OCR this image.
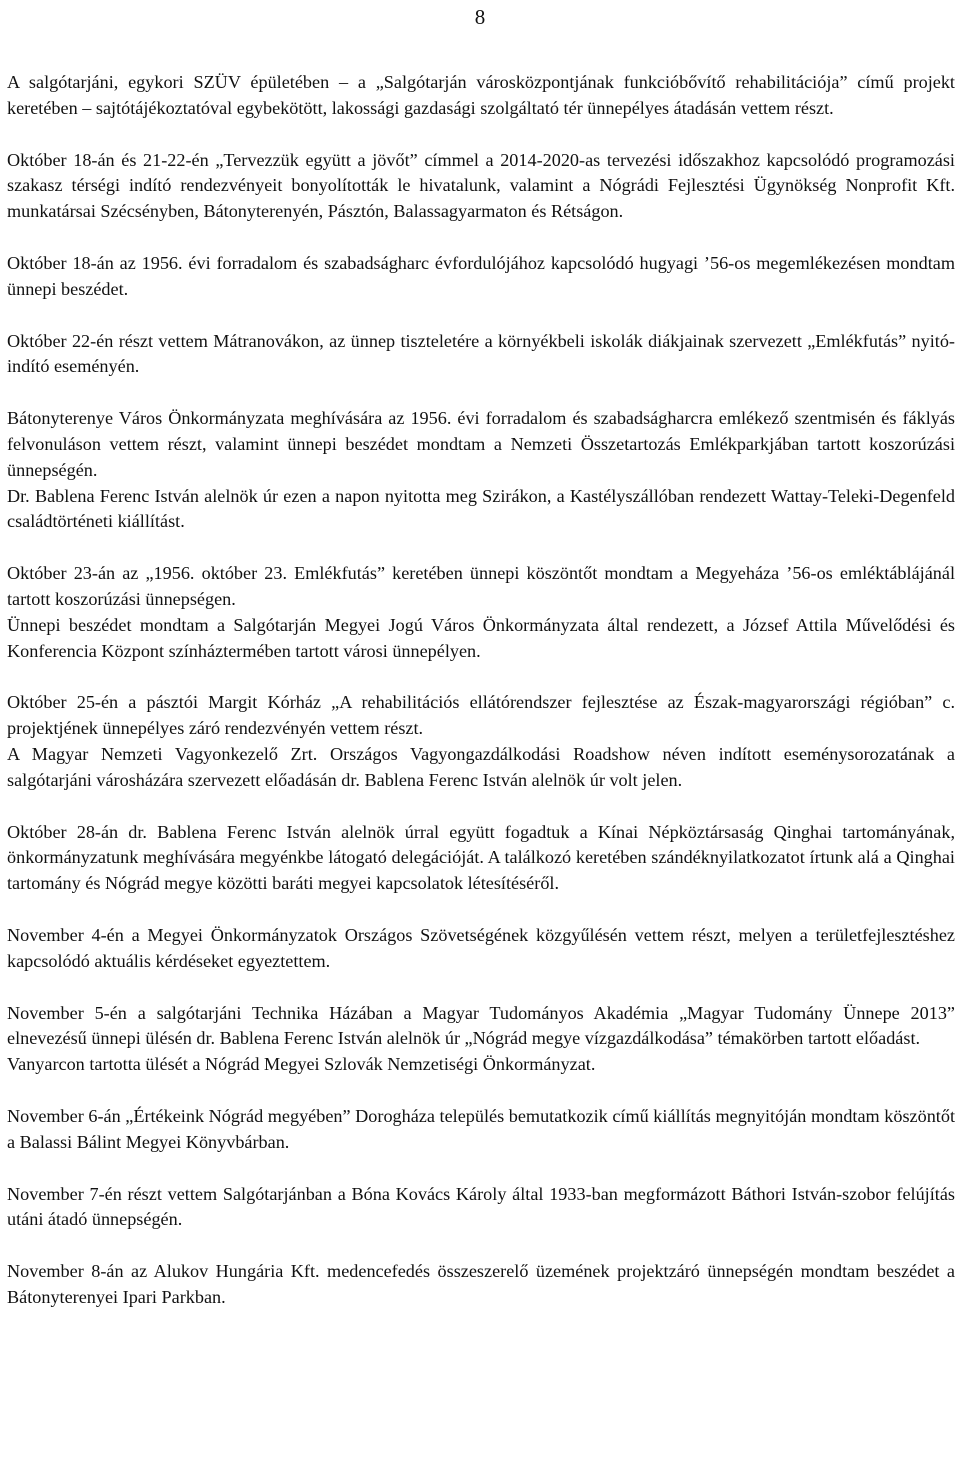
8

A salgótarjáni, egykori SZÜV épületében – a „Salgótarján városközpontjának funkcióbővítő rehabilitációja” című projekt keretében – sajtótájékoztatóval egybekötött, lakossági gazdasági szolgáltató tér ünnepélyes átadásán vettem részt.

Október 18-án és 21-22-én „Tervezzük együtt a jövőt” címmel a 2014-2020-as tervezési időszakhoz kapcsolódó programozási szakasz térségi indító rendezvényeit bonyolították le hivatalunk, valamint a Nógrádi Fejlesztési Ügynökség Nonprofit Kft. munkatársai Szécsényben, Bátonyterenyén, Pásztón, Balassagyarmaton és Rétságon.

Október 18-án az 1956. évi forradalom és szabadságharc évfordulójához kapcsolódó hugyagi ’56-os megemlékezésen mondtam ünnepi beszédet.

Október 22-én részt vettem Mátranovákon, az ünnep tiszteletére a környékbeli iskolák diákjainak szervezett „Emlékfutás” nyitó-indító eseményén.

Bátonyterenye Város Önkormányzata meghívására az 1956. évi forradalom és szabadságharcra emlékező szentmisén és fáklyás felvonuláson vettem részt, valamint ünnepi beszédet mondtam a Nemzeti Összetartozás Emlékparkjában tartott koszorúzási ünnepségén.

Dr. Bablena Ferenc István alelnök úr ezen a napon nyitotta meg Szirákon, a Kastélyszállóban rendezett Wattay-Teleki-Degenfeld családtörténeti kiállítást.

Október 23-án az „1956. október 23. Emlékfutás” keretében ünnepi köszöntőt mondtam a Megyeháza ’56-os emléktáblájánál tartott koszorúzási ünnepségen.

Ünnepi beszédet mondtam a Salgótarján Megyei Jogú Város Önkormányzata által rendezett, a József Attila Művelődési és Konferencia Központ színháztermében tartott városi ünnepélyen.

Október 25-én a pásztói Margit Kórház „A rehabilitációs ellátórendszer fejlesztése az Észak-magyarországi régióban” c. projektjének ünnepélyes záró rendezvényén vettem részt.

A Magyar Nemzeti Vagyonkezelő Zrt. Országos Vagyongazdálkodási Roadshow néven indított eseménysorozatának a salgótarjáni városházára szervezett előadásán dr. Bablena Ferenc István alelnök úr volt jelen.

Október 28-án dr. Bablena Ferenc István alelnök úrral együtt fogadtuk a Kínai Népköztársaság Qinghai tartományának, önkormányzatunk meghívására megyénkbe látogató delegációját. A találkozó keretében szándéknyilatkozatot írtunk alá a Qinghai tartomány és Nógrád megye közötti baráti megyei kapcsolatok létesítéséről.

November 4-én a Megyei Önkormányzatok Országos Szövetségének közgyűlésén vettem részt, melyen a területfejlesztéshez kapcsolódó aktuális kérdéseket egyeztettem.

November 5-én a salgótarjáni Technika Házában a Magyar Tudományos Akadémia „Magyar Tudomány Ünnepe 2013” elnevezésű ünnepi ülésén dr. Bablena Ferenc István alelnök úr „Nógrád megye vízgazdálkodása” témakörben tartott előadást.

Vanyarcon tartotta ülését a Nógrád Megyei Szlovák Nemzetiségi Önkormányzat.

November 6-án „Értékeink Nógrád megyében” Dorogháza település bemutatkozik című kiállítás megnyitóján mondtam köszöntőt a Balassi Bálint Megyei Könyvbárban.

November 7-én részt vettem Salgótarjánban a Bóna Kovács Károly által 1933-ban megformázott Báthori István-szobor felújítás utáni átadó ünnepségén.

November 8-án az Alukov Hungária Kft. medencefedés összeszerelő üzemének projektzáró ünnepségén mondtam beszédet a Bátonyterenyei Ipari Parkban.
